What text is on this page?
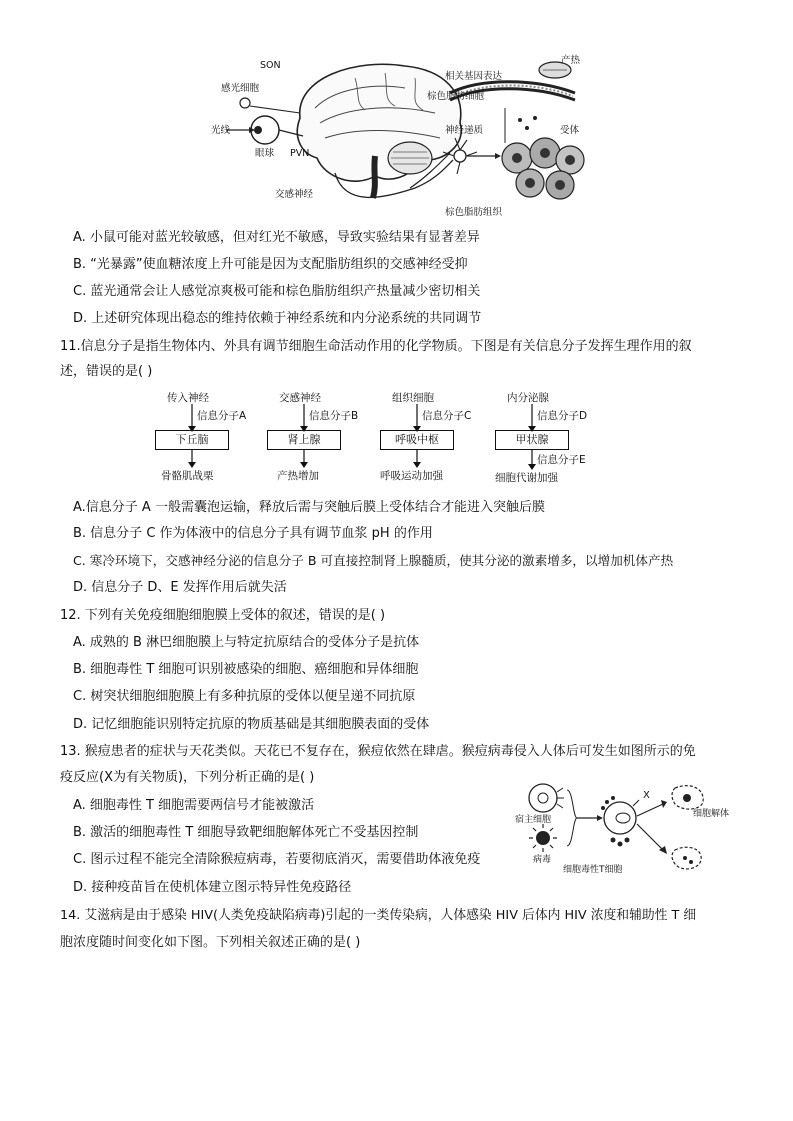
SON
感光细胞
光线
眼球 PVN
交感神经
相关基因表达
产热
棕色脂肪细胞
神经递质	受体
棕色脂肪组织
A. 小鼠可能对蓝光较敏感，但对红光不敏感，导致实验结果有显著差异
B. “光暴露”使血糖浓度上升可能是因为支配脂肪组织的交感神经受抑
C. 蓝光通常会让人感觉凉爽极可能和棕色脂肪组织产热量减少密切相关
D. 上述研究体现出稳态的维持依赖于神经系统和内分泌系统的共同调节
11.信息分子是指生物体内、外具有调节细胞生命活动作用的化学物质。下图是有关信息分子发挥生理作用的叙
述，错误的是( )
传入神经
信息分子A
下丘脑
骨骼肌战栗
交感神经
信息分子B
肾上腺
产热增加
组织细胞
信息分子C
呼吸中枢
呼吸运动加强
内分泌腺
信息分子D
甲状腺
信息分子E
细胞代谢加强
A.信息分子 A 一般需囊泡运输，释放后需与突触后膜上受体结合才能进入突触后膜
B. 信息分子 C 作为体液中的信息分子具有调节血浆 pH 的作用
C. 寒冷环境下，交感神经分泌的信息分子 B 可直接控制肾上腺髓质，使其分泌的激素增多，以增加机体产热
D. 信息分子 D、E 发挥作用后就失活
12. 下列有关免疫细胞细胞膜上受体的叙述，错误的是( )
A. 成熟的 B 淋巴细胞膜上与特定抗原结合的受体分子是抗体
B. 细胞毒性 T 细胞可识别被感染的细胞、癌细胞和异体细胞
C. 树突状细胞细胞膜上有多种抗原的受体以便呈递不同抗原
D. 记忆细胞能识别特定抗原的物质基础是其细胞膜表面的受体
13. 猴痘患者的症状与天花类似。天花已不复存在，猴痘依然在肆虐。猴痘病毒侵入人体后可发生如图所示的免
疫反应(X为有关物质)，下列分析正确的是( )
A. 细胞毒性 T 细胞需要两信号才能被激活
B. 激活的细胞毒性 T 细胞导致靶细胞解体死亡不受基因控制
C. 图示过程不能完全清除猴痘病毒，若要彻底消灭，需要借助体液免疫
D. 接种疫苗旨在使机体建立图示特异性免疫路径
宿主细胞
病毒
X
细胞毒性T细胞
细胞解体
14. 艾滋病是由于感染 HIV(人类免疫缺陷病毒)引起的一类传染病，人体感染 HIV 后体内 HIV 浓度和辅助性 T 细
胞浓度随时间变化如下图。下列相关叙述正确的是( )
